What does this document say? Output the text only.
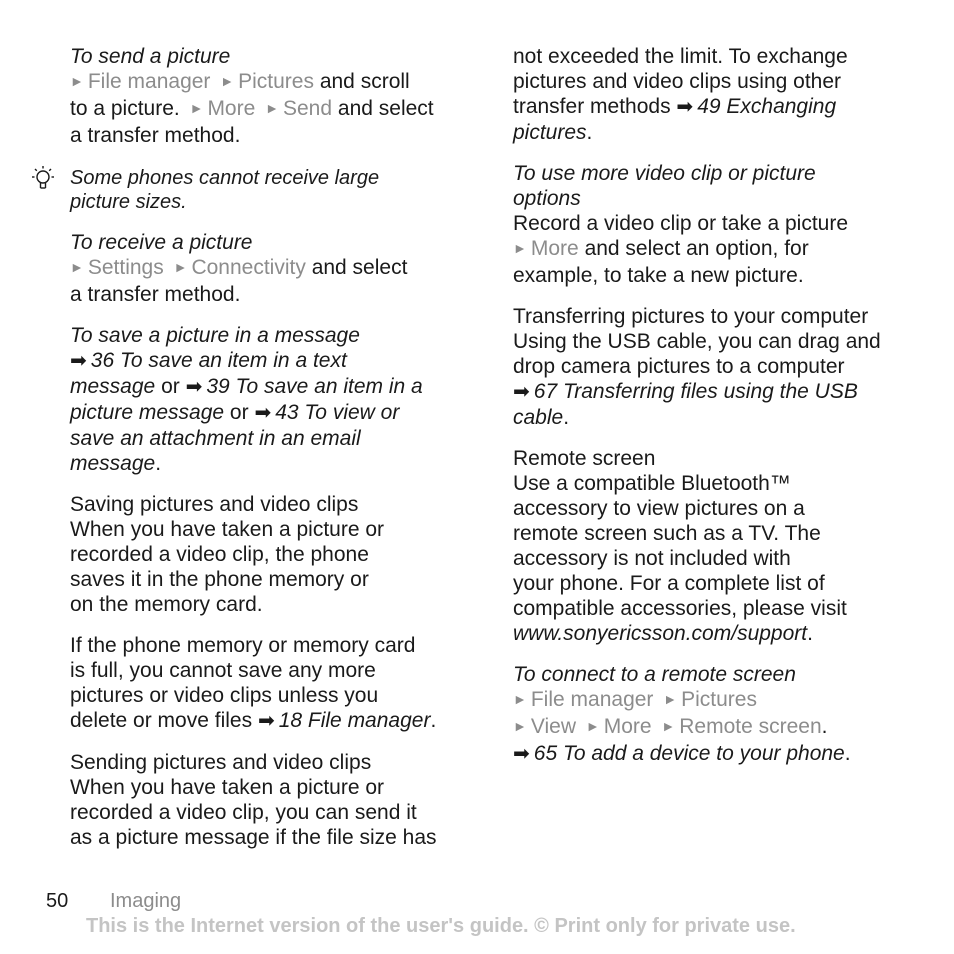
To send a picture

► File manager ► Pictures and scroll
to a picture. ► More ► Send and select
a transfer method.

Some phones cannot receive large
picture sizes.

To receive a picture

► Settings ► Connectivity and select
a transfer method.

To save a picture in a message

➡ 36 To save an item in a text
message or ➡ 39 To save an item in a
picture message or ➡ 43 To view or
save an attachment in an email
message.

Saving pictures and video clips

When you have taken a picture or
recorded a video clip, the phone
saves it in the phone memory or
on the memory card.

If the phone memory or memory card
is full, you cannot save any more
pictures or video clips unless you
delete or move files ➡ 18 File manager.

Sending pictures and video clips

When you have taken a picture or
recorded a video clip, you can send it
as a picture message if the file size has

not exceeded the limit. To exchange
pictures and video clips using other
transfer methods ➡ 49 Exchanging
pictures.

To use more video clip or picture
options

Record a video clip or take a picture
► More and select an option, for
example, to take a new picture.

Transferring pictures to your computer

Using the USB cable, you can drag and
drop camera pictures to a computer
➡ 67 Transferring files using the USB
cable.

Remote screen

Use a compatible Bluetooth™
accessory to view pictures on a
remote screen such as a TV. The
accessory is not included with
your phone. For a complete list of
compatible accessories, please visit
www.sonyericsson.com/support.

To connect to a remote screen

► File manager ► Pictures
► View ► More ► Remote screen.
➡ 65 To add a device to your phone.

50 Imaging
This is the Internet version of the user's guide. © Print only for private use.
